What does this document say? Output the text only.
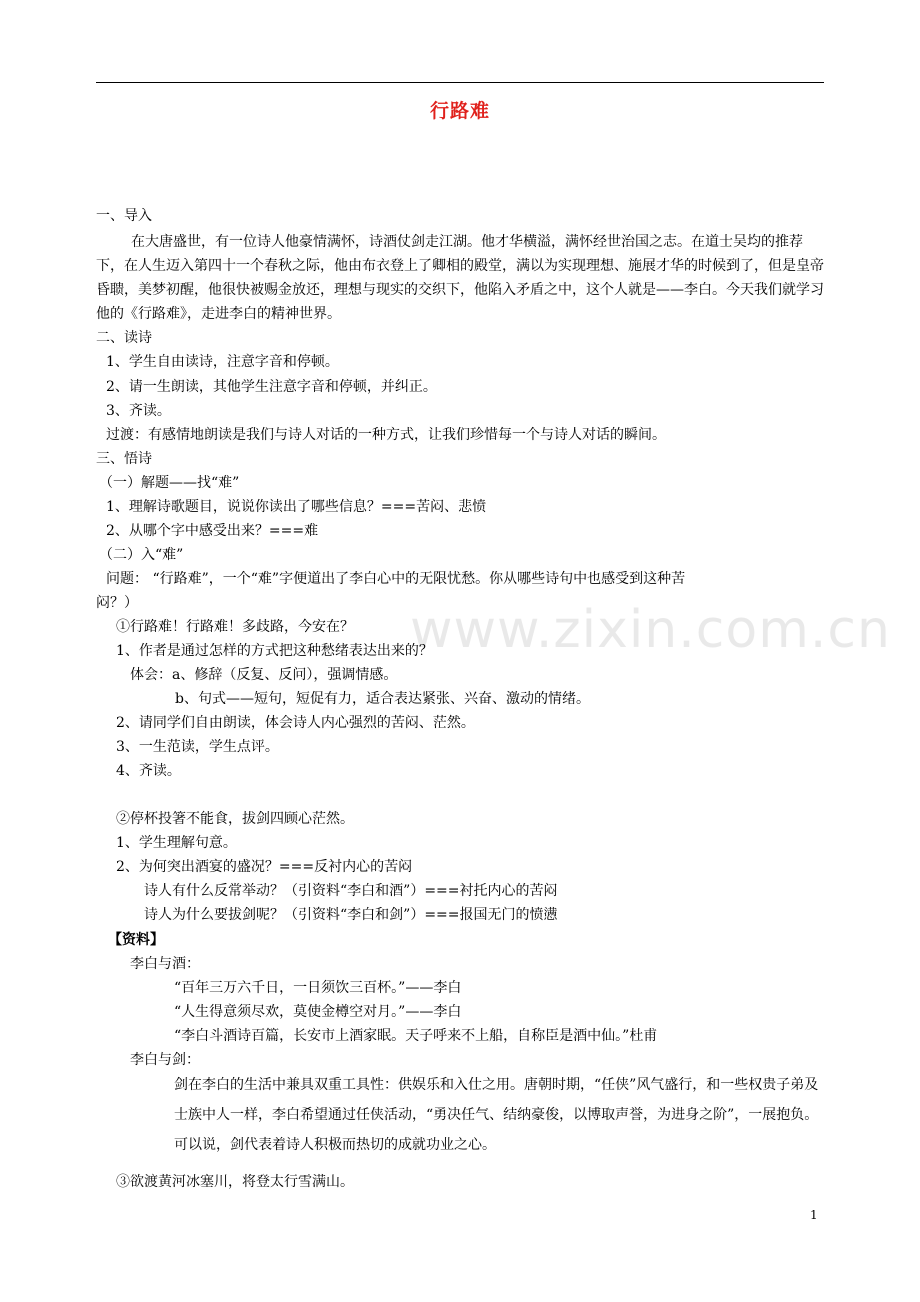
行路难
www.zixin.com.cn
一、导入
在大唐盛世，有一位诗人他豪情满怀，诗酒仗剑走江湖。他才华横溢，满怀经世治国之志。在道士吴均的推荐下，在人生迈入第四十一个春秋之际，他由布衣登上了卿相的殿堂，满以为实现理想、施展才华的时候到了，但是皇帝昏聩，美梦初醒，他很快被赐金放还，理想与现实的交织下，他陷入矛盾之中，这个人就是——李白。今天我们就学习他的《行路难》，走进李白的精神世界。
二、读诗
1、学生自由读诗，注意字音和停顿。
2、请一生朗读，其他学生注意字音和停顿，并纠正。
3、齐读。
过渡：有感情地朗读是我们与诗人对话的一种方式，让我们珍惜每一个与诗人对话的瞬间。
三、悟诗
（一）解题——找“难”
1、理解诗歌题目，说说你读出了哪些信息？===苦闷、悲愤
2、从哪个字中感受出来？===难
（二）入“难”
问题： “行路难”，一个“难”字便道出了李白心中的无限忧愁。你从哪些诗句中也感受到这种苦
闷？）
①行路难！行路难！多歧路，今安在？
1、作者是通过怎样的方式把这种愁绪表达出来的？
体会：a、修辞（反复、反问），强调情感。
b、句式——短句，短促有力，适合表达紧张、兴奋、激动的情绪。
2、请同学们自由朗读，体会诗人内心强烈的苦闷、茫然。
3、一生范读，学生点评。
4、齐读。
②停杯投箸不能食，拔剑四顾心茫然。
1、学生理解句意。
2、为何突出酒宴的盛况？===反衬内心的苦闷
诗人有什么反常举动？（引资料“李白和酒”）===衬托内心的苦闷
诗人为什么要拔剑呢？（引资料“李白和剑”）===报国无门的愤懑
【资料】
李白与酒：
“百年三万六千日，一日须饮三百杯。”——李白
“人生得意须尽欢，莫使金樽空对月。”——李白
“李白斗酒诗百篇，长安市上酒家眠。天子呼来不上船，自称臣是酒中仙。”杜甫
李白与剑：
剑在李白的生活中兼具双重工具性：供娱乐和入仕之用。唐朝时期，“任侠”风气盛行，和一些权贵子弟及士族中人一样，李白希望通过任侠活动，“勇决任气、结纳豪俊，以博取声誉，为进身之阶”，一展抱负。可以说，剑代表着诗人积极而热切的成就功业之心。
③欲渡黄河冰塞川，将登太行雪满山。
1
